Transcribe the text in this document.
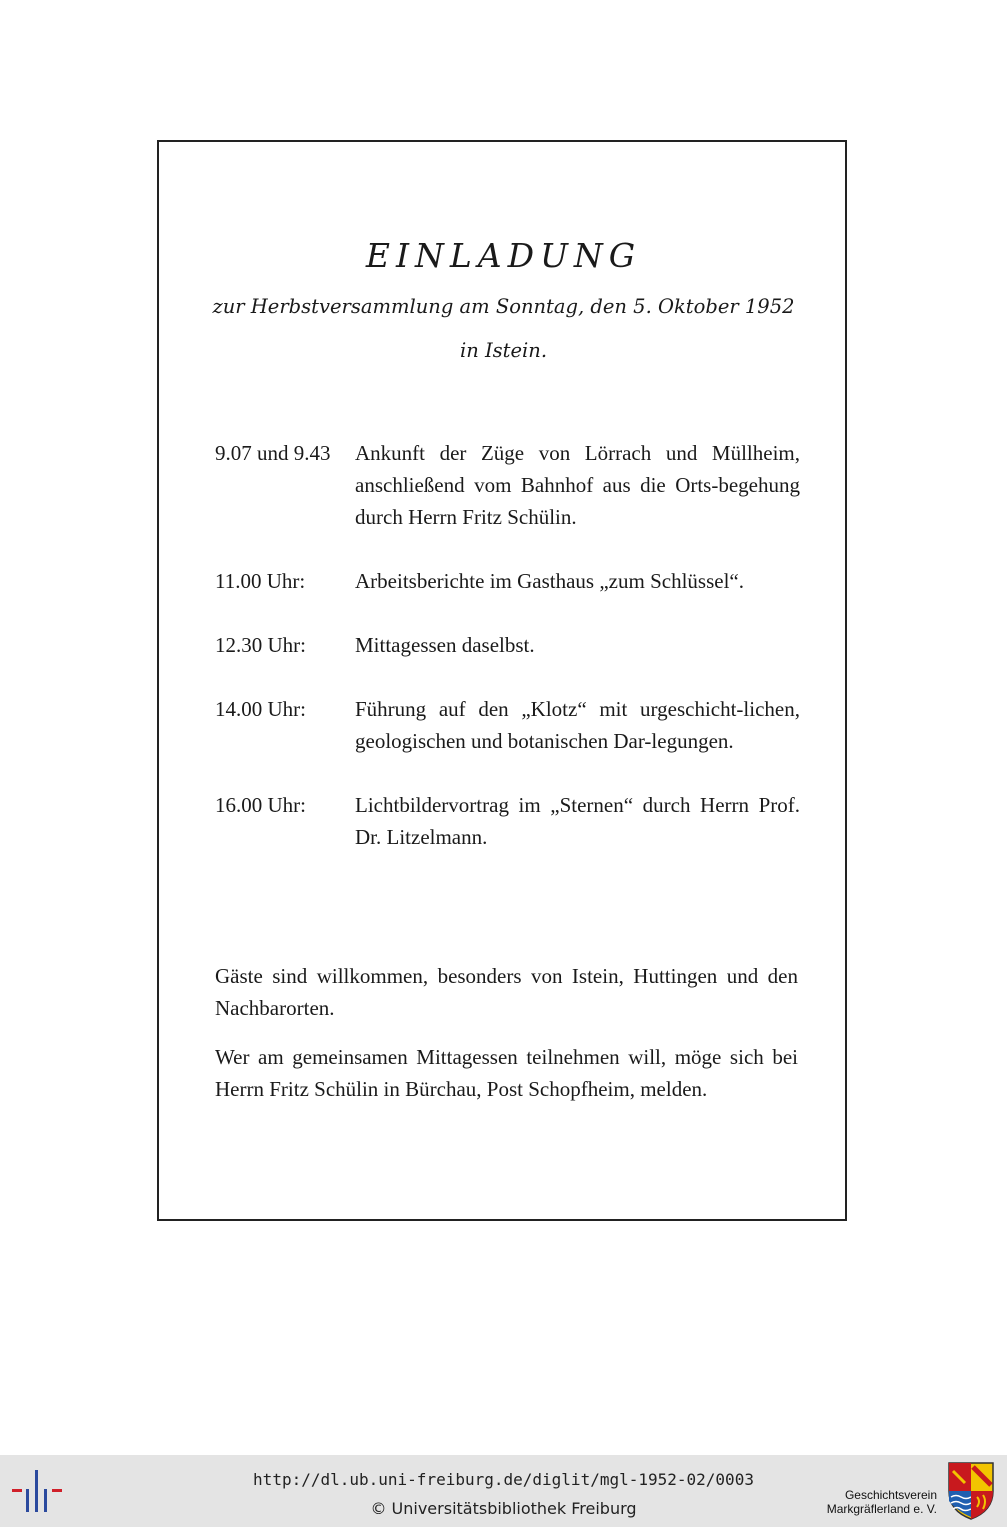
EINLADUNG
zur Herbstversammlung am Sonntag, den 5. Oktober 1952
in Istein.
9.07 und 9.43	Ankunft der Züge von Lörrach und Müllheim, anschließend vom Bahnhof aus die Orts-begehung durch Herrn Fritz Schülin.
11.00 Uhr:	Arbeitsberichte im Gasthaus „zum Schlüssel“.
12.30 Uhr:	Mittagessen daselbst.
14.00 Uhr:	Führung auf den „Klotz“ mit urgeschicht-lichen, geologischen und botanischen Dar-legungen.
16.00 Uhr:	Lichtbildervortrag im „Sternen“ durch Herrn Prof. Dr. Litzelmann.

Gäste sind willkommen, besonders von Istein, Huttingen und den Nachbarorten.

Wer am gemeinsamen Mittagessen teilnehmen will, möge sich bei Herrn Fritz Schülin in Bürchau, Post Schopfheim, melden.

http://dl.ub.uni-freiburg.de/diglit/mgl-1952-02/0003
© Universitätsbibliothek Freiburg
Geschichtsverein
Markgräflerland e. V.
